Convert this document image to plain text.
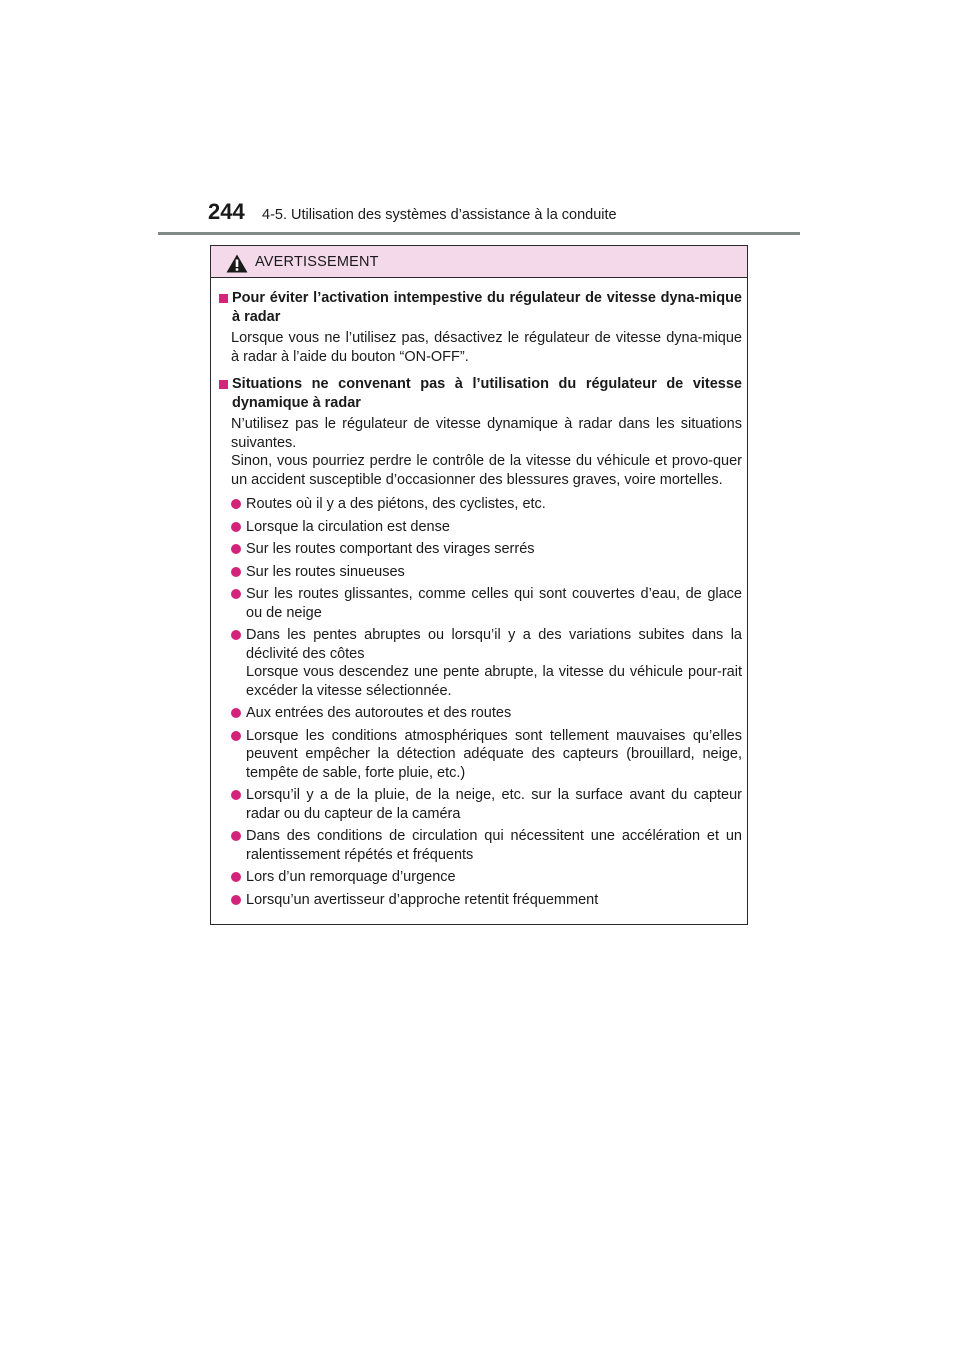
244 4-5. Utilisation des systèmes d’assistance à la conduite
AVERTISSEMENT
Pour éviter l’activation intempestive du régulateur de vitesse dyna-mique à radar
Lorsque vous ne l’utilisez pas, désactivez le régulateur de vitesse dyna-mique à radar à l’aide du bouton “ON-OFF”.
Situations ne convenant pas à l’utilisation du régulateur de vitesse dynamique à radar
N’utilisez pas le régulateur de vitesse dynamique à radar dans les situations suivantes.
Sinon, vous pourriez perdre le contrôle de la vitesse du véhicule et provo-quer un accident susceptible d’occasionner des blessures graves, voire mortelles.
Routes où il y a des piétons, des cyclistes, etc.
Lorsque la circulation est dense
Sur les routes comportant des virages serrés
Sur les routes sinueuses
Sur les routes glissantes, comme celles qui sont couvertes d’eau, de glace ou de neige
Dans les pentes abruptes ou lorsqu’il y a des variations subites dans la déclivité des côtes
Lorsque vous descendez une pente abrupte, la vitesse du véhicule pour-rait excéder la vitesse sélectionnée.
Aux entrées des autoroutes et des routes
Lorsque les conditions atmosphériques sont tellement mauvaises qu’elles peuvent empêcher la détection adéquate des capteurs (brouillard, neige, tempête de sable, forte pluie, etc.)
Lorsqu’il y a de la pluie, de la neige, etc. sur la surface avant du capteur radar ou du capteur de la caméra
Dans des conditions de circulation qui nécessitent une accélération et un ralentissement répétés et fréquents
Lors d’un remorquage d’urgence
Lorsqu’un avertisseur d’approche retentit fréquemment
